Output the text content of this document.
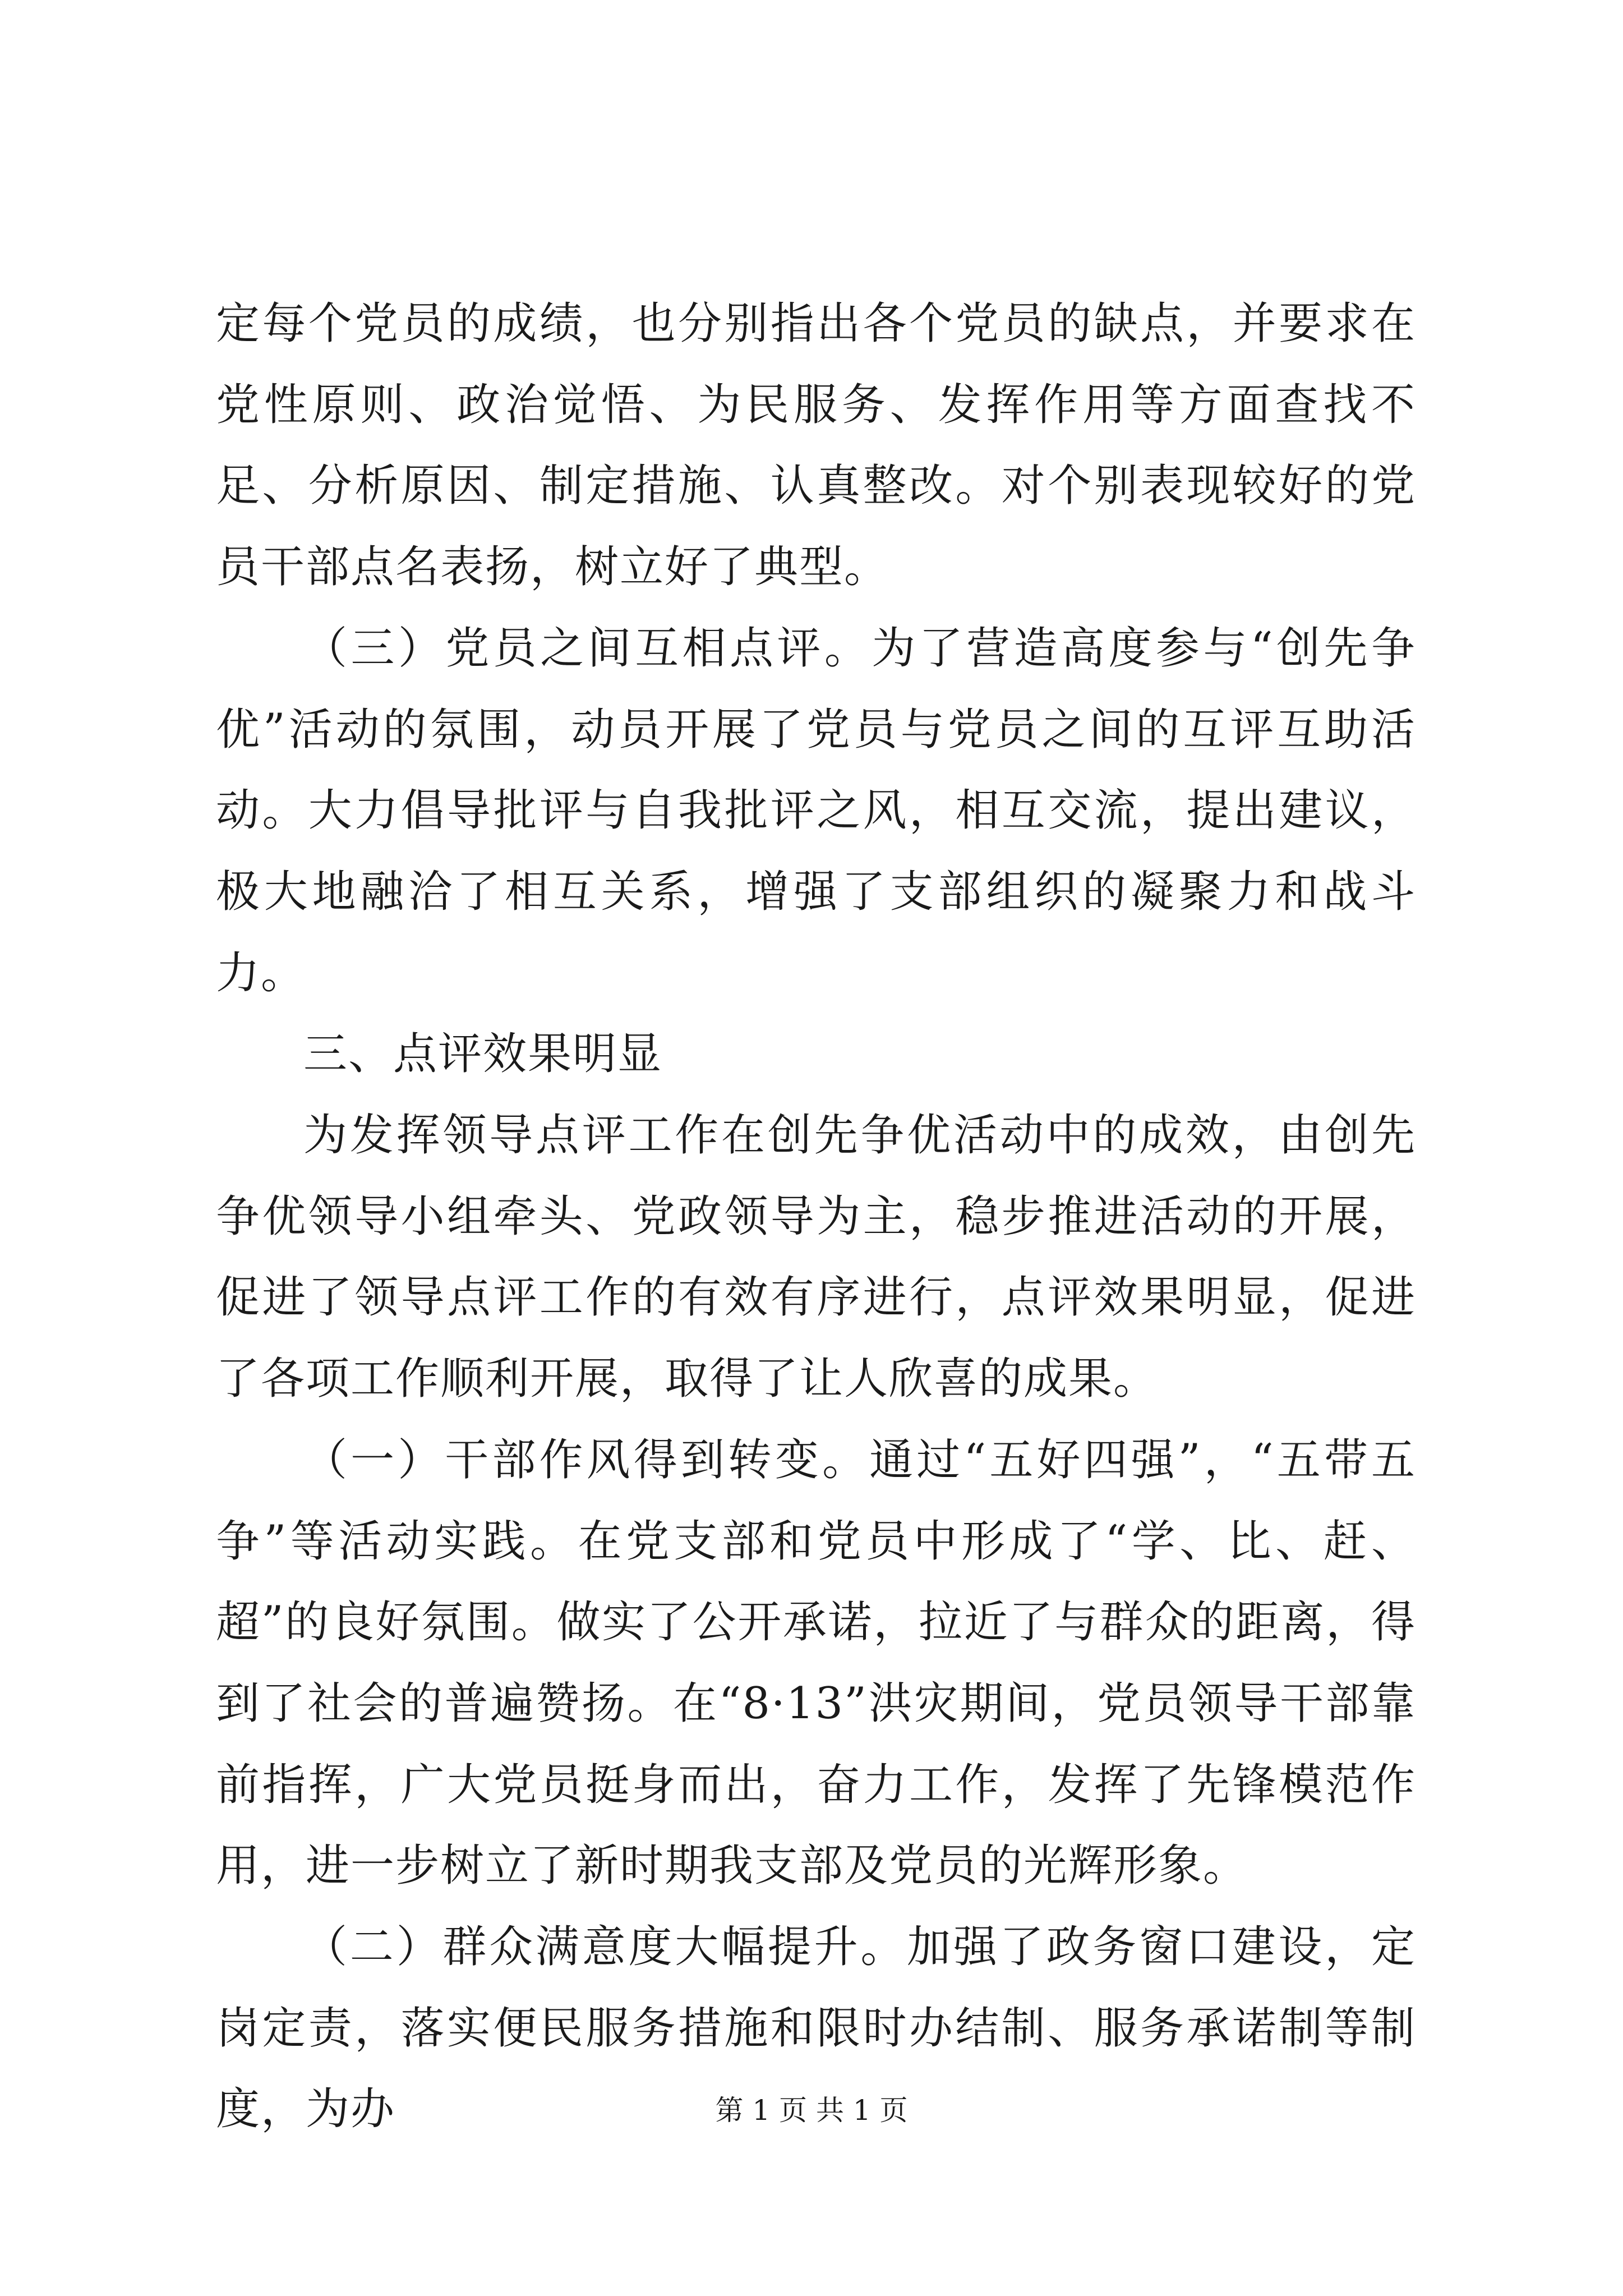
定每个党员的成绩，也分别指出各个党员的缺点，并要求在党性原则、政治觉悟、为民服务、发挥作用等方面查找不足、分析原因、制定措施、认真整改。对个别表现较好的党员干部点名表扬，树立好了典型。

（三）党员之间互相点评。为了营造高度参与“创先争优”活动的氛围，动员开展了党员与党员之间的互评互助活动。大力倡导批评与自我批评之风，相互交流，提出建议，极大地融洽了相互关系，增强了支部组织的凝聚力和战斗力。

三、点评效果明显

为发挥领导点评工作在创先争优活动中的成效，由创先争优领导小组牵头、党政领导为主，稳步推进活动的开展，促进了领导点评工作的有效有序进行，点评效果明显，促进了各项工作顺利开展，取得了让人欣喜的成果。

（一）干部作风得到转变。通过“五好四强”，“五带五争”等活动实践。在党支部和党员中形成了“学、比、赶、超”的良好氛围。做实了公开承诺，拉近了与群众的距离，得到了社会的普遍赞扬。在“8·13”洪灾期间，党员领导干部靠前指挥，广大党员挺身而出，奋力工作，发挥了先锋模范作用，进一步树立了新时期我支部及党员的光辉形象。

（二）群众满意度大幅提升。加强了政务窗口建设，定岗定责，落实便民服务措施和限时办结制、服务承诺制等制度，为办	第 1 页 共 1 页
